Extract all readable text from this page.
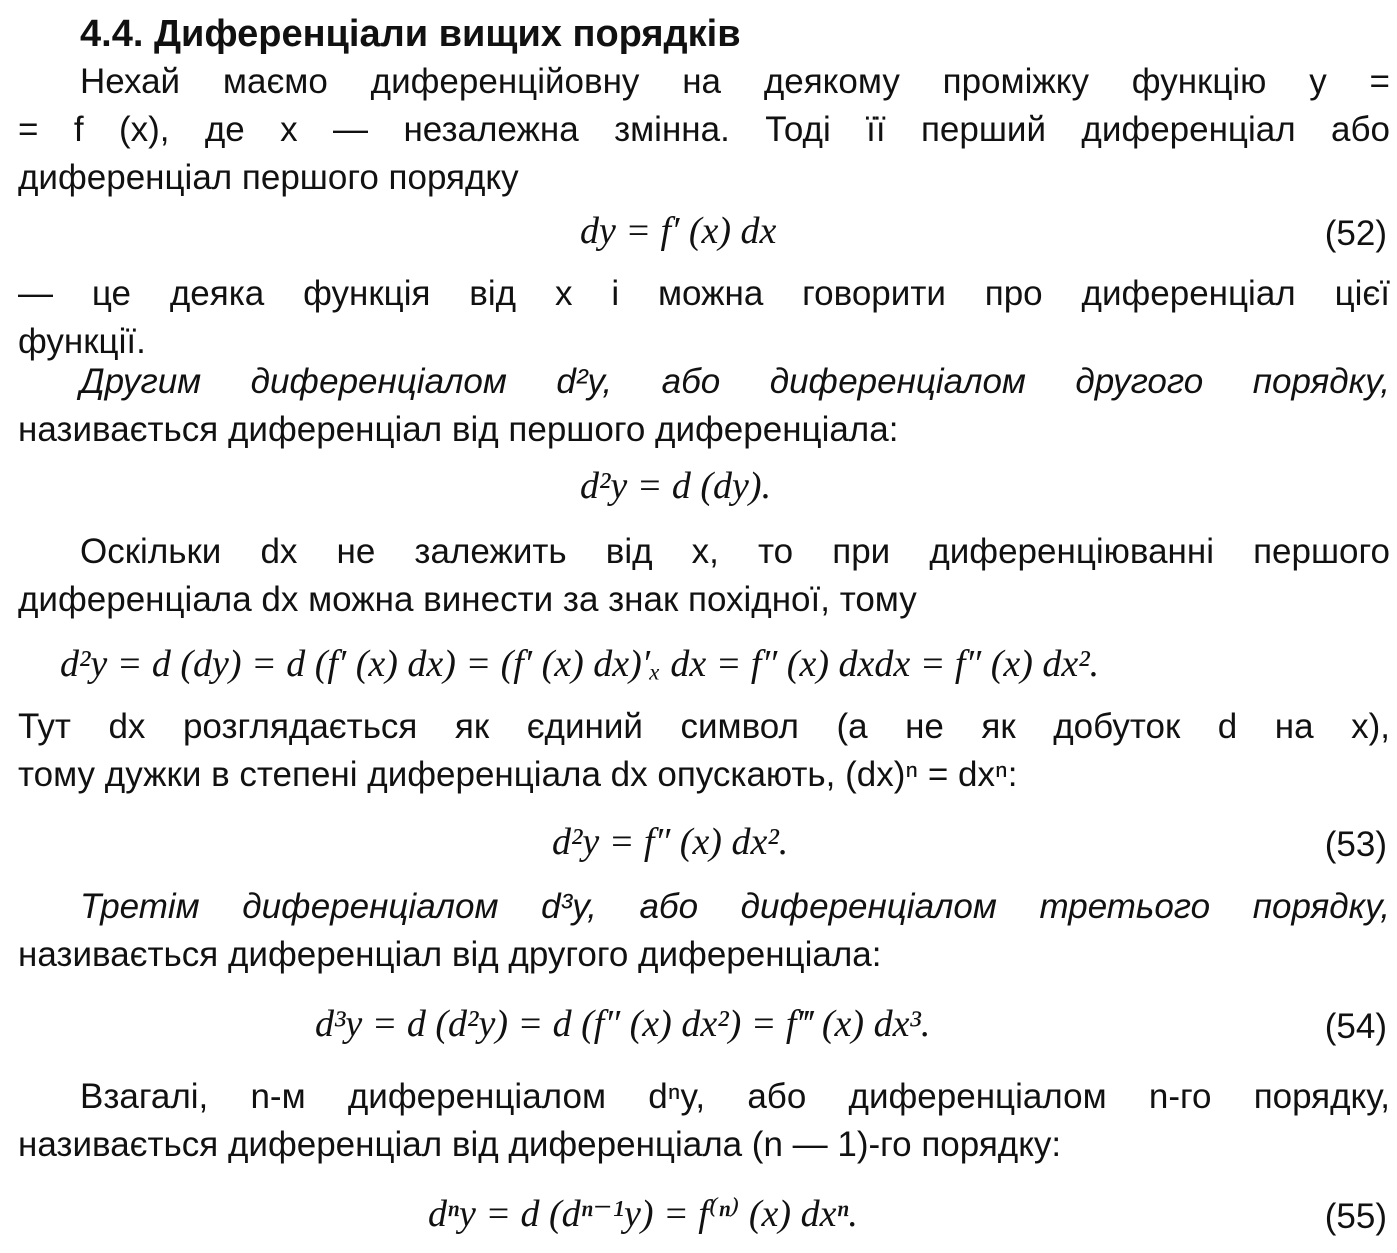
4.4. Диференціали вищих порядків
Нехай маємо диференційовну на деякому проміжку функцію y =
= f (x), де x — незалежна змінна. Тоді її перший диференціал або
диференціал першого порядку
dy = f′ (x) dx	(52)
— це деяка функція від x і можна говорити про диференціал цієї
функції.
Другим диференціалом d²y, або диференціалом другого порядку,
називається диференціал від першого диференціала:
d²y = d (dy).
Оскільки dx не залежить від x, то при диференціюванні першого
диференціала dx можна винести за знак похідної, тому
d²y = d (dy) = d (f′ (x) dx) = (f′ (x) dx)′ₓ dx = f″ (x) dxdx = f″ (x) dx².
Тут dx розглядається як єдиний символ (а не як добуток d на x),
тому дужки в степені диференціала dx опускають, (dx)ⁿ = dxⁿ:
d²y = f″ (x) dx².	(53)
Третім диференціалом d³y, або диференціалом третього порядку,
називається диференціал від другого диференціала:
d³y = d (d²y) = d (f″ (x) dx²) = f‴ (x) dx³.	(54)
Взагалі, n-м диференціалом dⁿy, або диференціалом n-го порядку,
називається диференціал від диференціала (n — 1)-го порядку:
dⁿy = d (dⁿ⁻¹y) = f⁽ⁿ⁾ (x) dxⁿ.	(55)
